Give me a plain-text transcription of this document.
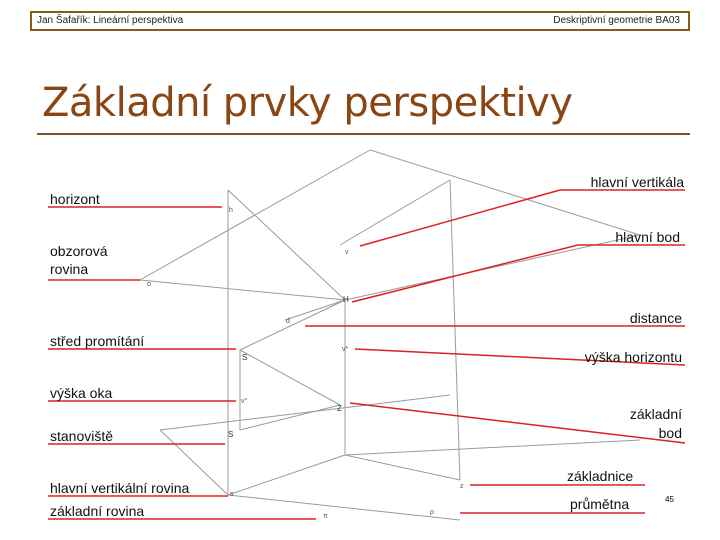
Jan Šafařík: Lineární perspektiva	Deskriptivní geometrie BA03
Základní prvky perspektivy
h
v
ο
H
d
S
v*
v°
Z
S
z
s
π
ρ
horizont
obzorová
rovina
střed promítání
výška oka
stanoviště
hlavní vertikální rovina
základní rovina
hlavní vertikála
hlavní bod
distance
výška horizontu
základní
bod
základnice
průmětna	45
